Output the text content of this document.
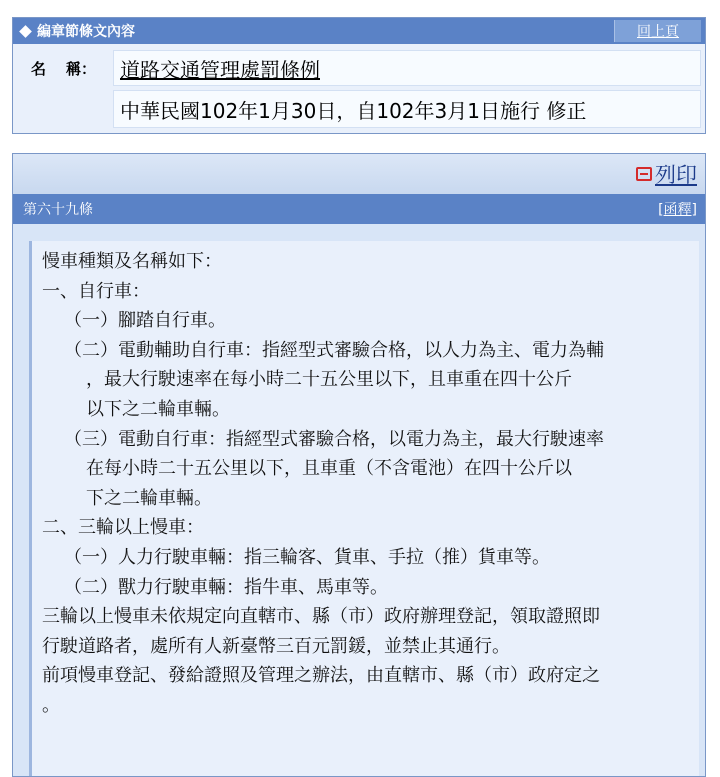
編章節條文內容	回上頁
名 稱：	道路交通管理處罰條例
中華民國102年1月30日，自102年3月1日施行 修正
列印
第六十九條	[函釋]
慢車種類及名稱如下：
一、自行車：
（一）腳踏自行車。
（二）電動輔助自行車：指經型式審驗合格，以人力為主、電力為輔
，最大行駛速率在每小時二十五公里以下，且車重在四十公斤
以下之二輪車輛。
（三）電動自行車：指經型式審驗合格，以電力為主，最大行駛速率
在每小時二十五公里以下，且車重（不含電池）在四十公斤以
下之二輪車輛。
二、三輪以上慢車：
（一）人力行駛車輛：指三輪客、貨車、手拉（推）貨車等。
（二）獸力行駛車輛：指牛車、馬車等。
三輪以上慢車未依規定向直轄市、縣（市）政府辦理登記，領取證照即
行駛道路者，處所有人新臺幣三百元罰鍰，並禁止其通行。
前項慢車登記、發給證照及管理之辦法，由直轄市、縣（市）政府定之
。
